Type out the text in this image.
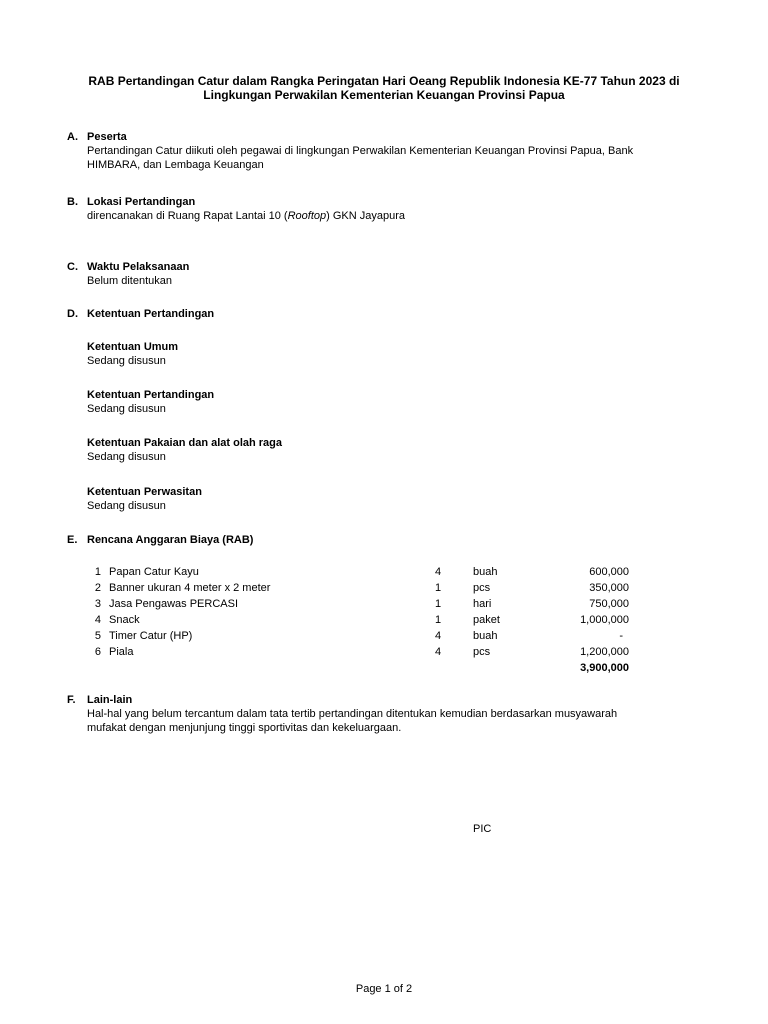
RAB Pertandingan Catur dalam Rangka Peringatan Hari Oeang Republik Indonesia KE-77 Tahun 2023 di
Lingkungan Perwakilan Kementerian Keuangan Provinsi Papua
A. Peserta
Pertandingan Catur diikuti oleh pegawai di lingkungan Perwakilan Kementerian Keuangan Provinsi Papua, Bank
HIMBARA, dan Lembaga Keuangan
B. Lokasi Pertandingan
direncanakan di Ruang Rapat Lantai 10 (Rooftop) GKN Jayapura
C. Waktu Pelaksanaan
Belum ditentukan
D. Ketentuan Pertandingan
Ketentuan Umum
Sedang disusun
Ketentuan Pertandingan
Sedang disusun
Ketentuan Pakaian dan alat olah raga
Sedang disusun
Ketentuan Perwasitan
Sedang disusun
E. Rencana Anggaran Biaya (RAB)
1 Papan Catur Kayu	4	buah	600,000
2 Banner ukuran 4 meter x 2 meter	1	pcs	350,000
3 Jasa Pengawas PERCASI	1	hari	750,000
4 Snack	1	paket	1,000,000
5 Timer Catur (HP)	4	buah	-
6 Piala	4	pcs	1,200,000
3,900,000
F.	Lain-lain
Hal-hal yang belum tercantum dalam tata tertib pertandingan ditentukan kemudian berdasarkan musyawarah
mufakat dengan menjunjung tinggi sportivitas dan kekeluargaan.
PIC
Page 1 of 2
